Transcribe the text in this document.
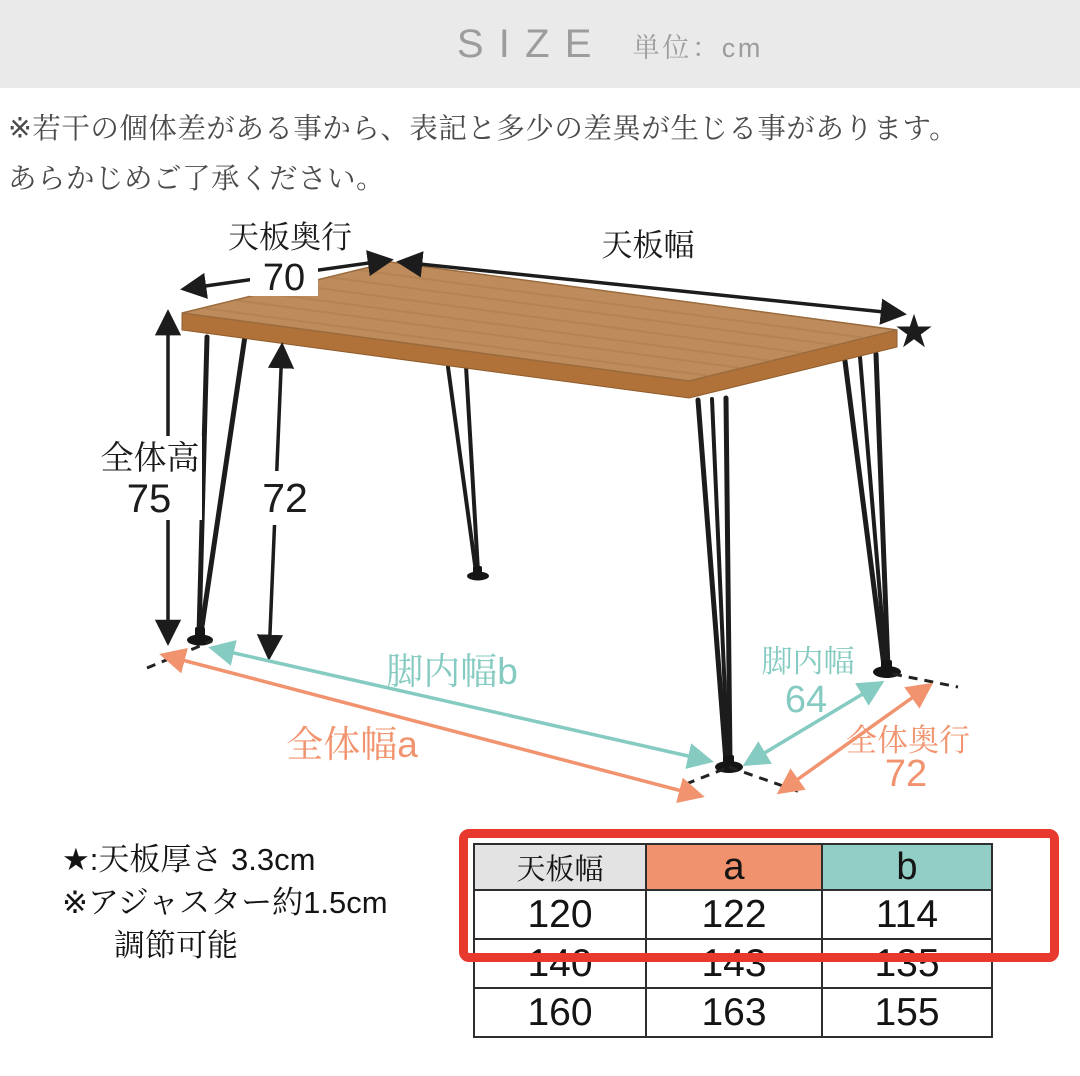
SIZE 単位：cm
※若干の個体差がある事から、表記と多少の差異が生じる事があります。
あらかじめご了承ください。
天板奥行
70
天板幅
★
全体高
75 72
脚内幅b
全体幅a
脚内幅
64
全体奥行
72
★:天板厚さ 3.3cm
※アジャスター約1.5cm
調節可能
天板幅	a	b
120	122	114
140	143	135
160	163	155
